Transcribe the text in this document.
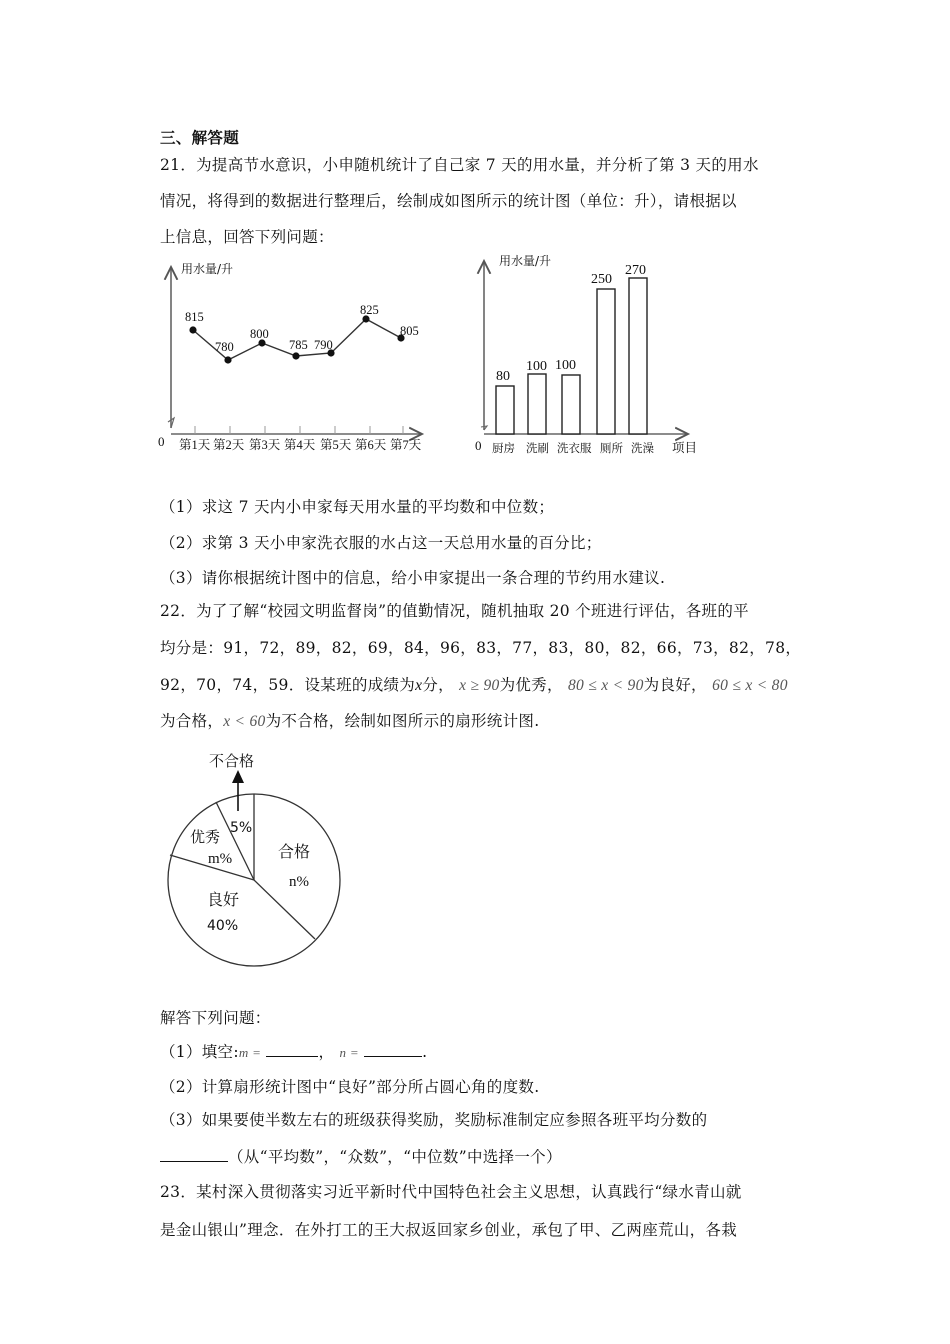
三、解答题
21．为提高节水意识，小申随机统计了自己家 7 天的用水量，并分析了第 3 天的用水
情况，将得到的数据进行整理后，绘制成如图所示的统计图（单位：升），请根据以
上信息，回答下列问题：
0
用水量/升
第1天 第2天 第3天 第4天 第5天 第6天 第7天
815
780
800
785 790
825
805
0
用水量/升
项目
80
100 100
250
270
厨房 洗刷 洗衣服 厕所 洗澡
（1）求这 7 天内小申家每天用水量的平均数和中位数；
（2）求第 3 天小申家洗衣服的水占这一天总用水量的百分比；
（3）请你根据统计图中的信息，给小申家提出一条合理的节约用水建议.
22．为了了解“校园文明监督岗”的值勤情况，随机抽取 20 个班进行评估，各班的平
均分是：91，72，89，82，69，84，96，83，77，83，80，82，66，73，82，78，
92，70，74，59．设某班的成绩为x分， x ≥ 90为优秀， 80 ≤ x < 90为良好， 60 ≤ x < 80
为合格，x < 60为不合格，绘制如图所示的扇形统计图.
不合格
5%
合格
n%
良好
40%
优秀
m%
解答下列问题：
（1）填空:m =	， n =	.
（2）计算扇形统计图中“良好”部分所占圆心角的度数.
（3）如果要使半数左右的班级获得奖励，奖励标准制定应参照各班平均分数的
（从“平均数”，“众数”，“中位数”中选择一个）
23．某村深入贯彻落实习近平新时代中国特色社会主义思想，认真践行“绿水青山就
是金山银山”理念．在外打工的王大叔返回家乡创业，承包了甲、乙两座荒山，各栽
